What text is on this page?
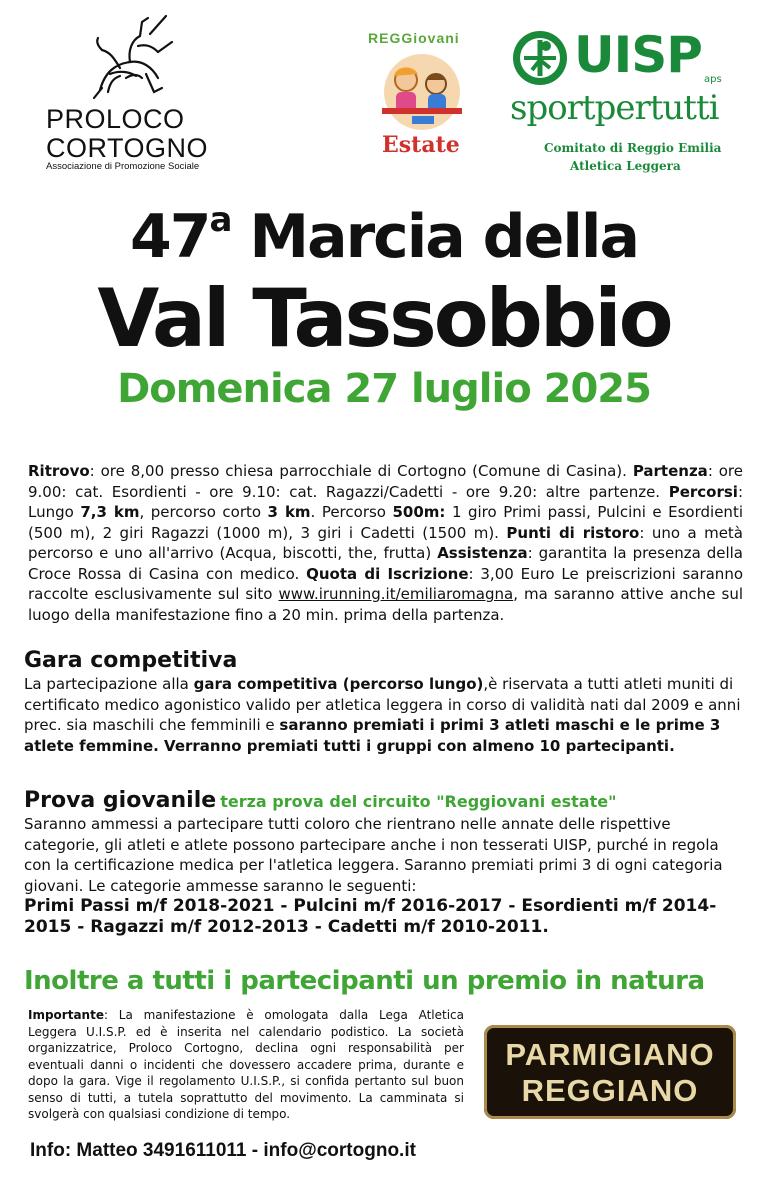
PROLOCO
CORTOGNO
Associazione di Promozione Sociale
REGGiovani
Estate
UISP aps
sportpertutti
Comitato di Reggio Emilia
Atletica Leggera
47$^a$ Marcia della
Val Tassobbio
Domenica 27 luglio 2025
Ritrovo: ore 8,00 presso chiesa parrocchiale di Cortogno (Comune di Casina). Partenza: ore 9.00: cat. Esordienti - ore 9.10: cat. Ragazzi/Cadetti - ore 9.20: altre partenze. Percorsi: Lungo 7,3 km, percorso corto 3 km. Percorso 500m: 1 giro Primi passi, Pulcini e Esordienti (500 m), 2 giri Ragazzi (1000 m), 3 giri i Cadetti (1500 m). Punti di ristoro: uno a metà percorso e uno all'arrivo (Acqua, biscotti, the, frutta) Assistenza: garantita la presenza della Croce Rossa di Casina con medico. Quota di Iscrizione: 3,00 Euro Le preiscrizioni saranno raccolte esclusivamente sul sito www.irunning.it/emiliaromagna, ma saranno attive anche sul luogo della manifestazione fino a 20 min. prima della partenza.
Gara competitiva
La partecipazione alla gara competitiva (percorso lungo),è riservata a tutti atleti muniti di certificato medico agonistico valido per atletica leggera in corso di validità nati dal 2009 e anni prec. sia maschili che femminili e saranno premiati i primi 3 atleti maschi e le prime 3 atlete femmine. Verranno premiati tutti i gruppi con almeno 10 partecipanti.
Prova giovanile terza prova del circuito "Reggiovani estate"
Saranno ammessi a partecipare tutti coloro che rientrano nelle annate delle rispettive categorie, gli atleti e atlete possono partecipare anche i non tesserati UISP, purché in regola con la certificazione medica per l'atletica leggera. Saranno premiati primi 3 di ogni categoria giovani. Le categorie ammesse saranno le seguenti:
Primi Passi m/f 2018-2021 - Pulcini m/f 2016-2017 - Esordienti m/f 2014-2015 - Ragazzi m/f 2012-2013 - Cadetti m/f 2010-2011.
Inoltre a tutti i partecipanti un premio in natura
Importante: La manifestazione è omologata dalla Lega Atletica Leggera U.I.S.P. ed è inserita nel calendario podistico. La società organizzatrice, Proloco Cortogno, declina ogni responsabilità per eventuali danni o incidenti che dovessero accadere prima, durante e dopo la gara. Vige il regolamento U.I.S.P., si confida pertanto sul buon senso di tutti, a tutela soprattutto del movimento. La camminata si svolgerà con qualsiasi condizione di tempo.
PARMIGIANO
REGGIANO
Info: Matteo 3491611011 - info@cortogno.it
